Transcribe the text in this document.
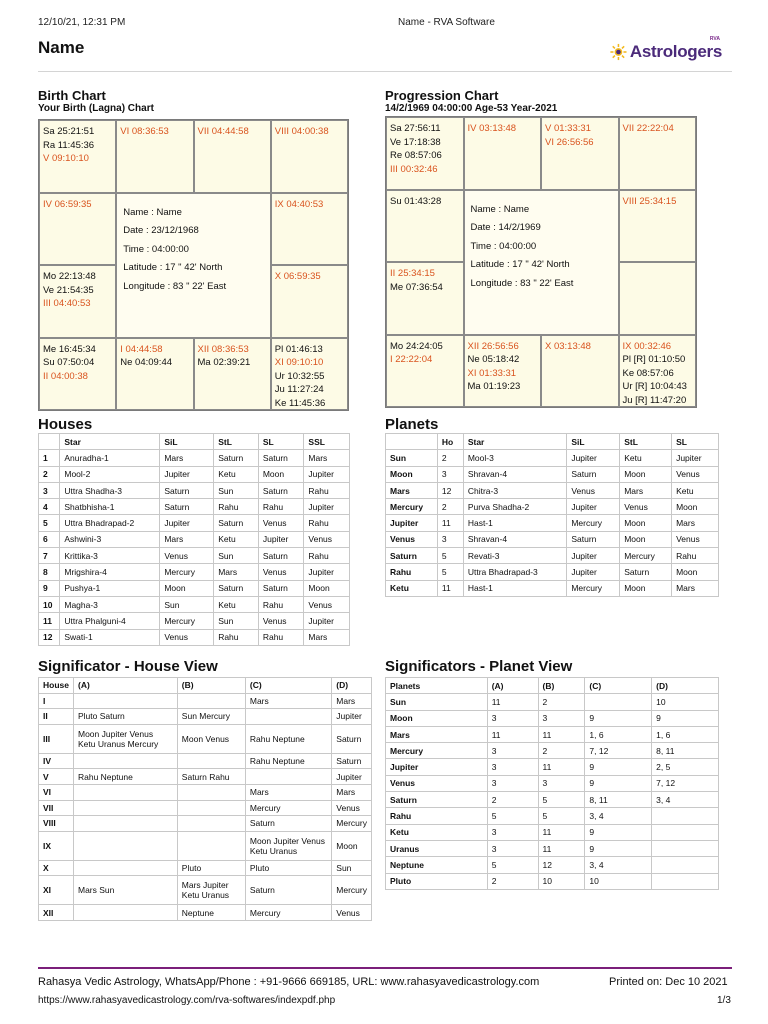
12/10/21, 12:31 PM	Name - RVA Software
Name	Astrologers
RVA
Birth Chart
Your Birth (Lagna) Chart
Sa 25:21:51
Ra 11:45:36
V 09:10:10
VI 08:36:53	VII 04:44:58	VIII 04:00:38
IV 06:59:35	IX 04:40:53
Mo 22:13:48
Ve 21:54:35
III 04:40:53
X 06:59:35
Me 16:45:34
Su 07:50:04
II 04:00:38
I 04:44:58
Ne 04:09:44
XII 08:36:53
Ma 02:39:21
Pl 01:46:13
XI 09:10:10
Ur 10:32:55
Ju 11:27:24
Ke 11:45:36
Name : Name
Date : 23/12/1968
Time : 04:00:00
Latitude : 17 " 42' North
Longitude : 83 " 22' East
Progression Chart
14/2/1969 04:00:00 Age-53 Year-2021
Sa 27:56:11
Ve 17:18:38
Re 08:57:06
III 00:32:46
IV 03:13:48	V 01:33:31
VI 26:56:56
VII 22:22:04
Su 01:43:28	VIII 25:34:15
II 25:34:15
Me 07:36:54
Mo 24:24:05
I 22:22:04
XII 26:56:56
Ne 05:18:42
XI 01:33:31
Ma 01:19:23
X 03:13:48	IX 00:32:46
Pl [R] 01:10:50
Ke 08:57:06
Ur [R] 10:04:43
Ju [R] 11:47:20
Name : Name
Date : 14/2/1969
Time : 04:00:00
Latitude : 17 " 42' North
Longitude : 83 " 22' East
Houses
	Star	SiL	StL	SL	SSL
1	Anuradha-1	Mars	Saturn	Saturn	Mars
2	Mool-2	Jupiter	Ketu	Moon	Jupiter
3	Uttra Shadha-3	Saturn	Sun	Saturn	Rahu
4	Shatbhisha-1	Saturn	Rahu	Rahu	Jupiter
5	Uttra Bhadrapad-2	Jupiter	Saturn	Venus	Rahu
6	Ashwini-3	Mars	Ketu	Jupiter	Venus
7	Krittika-3	Venus	Sun	Saturn	Rahu
8	Mrigshira-4	Mercury	Mars	Venus	Jupiter
9	Pushya-1	Moon	Saturn	Saturn	Moon
10	Magha-3	Sun	Ketu	Rahu	Venus
11	Uttra Phalguni-4	Mercury	Sun	Venus	Jupiter
12	Swati-1	Venus	Rahu	Rahu	Mars
Planets
	Ho	Star	SiL	StL	SL
Sun	2	Mool-3	Jupiter	Ketu	Jupiter
Moon	3	Shravan-4	Saturn	Moon	Venus
Mars	12	Chitra-3	Venus	Mars	Ketu
Mercury	2	Purva Shadha-2	Jupiter	Venus	Moon
Jupiter	11	Hast-1	Mercury	Moon	Mars
Venus	3	Shravan-4	Saturn	Moon	Venus
Saturn	5	Revati-3	Jupiter	Mercury	Rahu
Rahu	5	Uttra Bhadrapad-3	Jupiter	Saturn	Moon
Ketu	11	Hast-1	Mercury	Moon	Mars
Significator - House View
House	(A)	(B)	(C)	(D)
I			Mars	Mars
II	Pluto Saturn	Sun Mercury		Jupiter
III	Moon Jupiter Venus Ketu Uranus Mercury	Moon Venus	Rahu Neptune	Saturn
IV			Rahu Neptune	Saturn
V	Rahu Neptune	Saturn Rahu		Jupiter
VI			Mars	Mars
VII			Mercury	Venus
VIII			Saturn	Mercury
IX			Moon Jupiter Venus Ketu Uranus	Moon
X		Pluto	Pluto	Sun
XI	Mars Sun	Mars Jupiter Ketu Uranus	Saturn	Mercury
XII		Neptune	Mercury	Venus
Significators - Planet View
Planets	(A)	(B)	(C)	(D)
Sun	11	2		10
Moon	3	3	9	9
Mars	11	11	1, 6	1, 6
Mercury	3	2	7, 12	8, 11
Jupiter	3	11	9	2, 5
Venus	3	3	9	7, 12
Saturn	2	5	8, 11	3, 4
Rahu	5	5	3, 4	
Ketu	3	11	9	
Uranus	3	11	9	
Neptune	5	12	3, 4	
Pluto	2	10	10	
Rahasya Vedic Astrology, WhatsApp/Phone : +91-9666 669185, URL: www.rahasyavedicastrology.com	Printed on: Dec 10 2021
https://www.rahasyavedicastrology.com/rva-softwares/indexpdf.php	1/3
